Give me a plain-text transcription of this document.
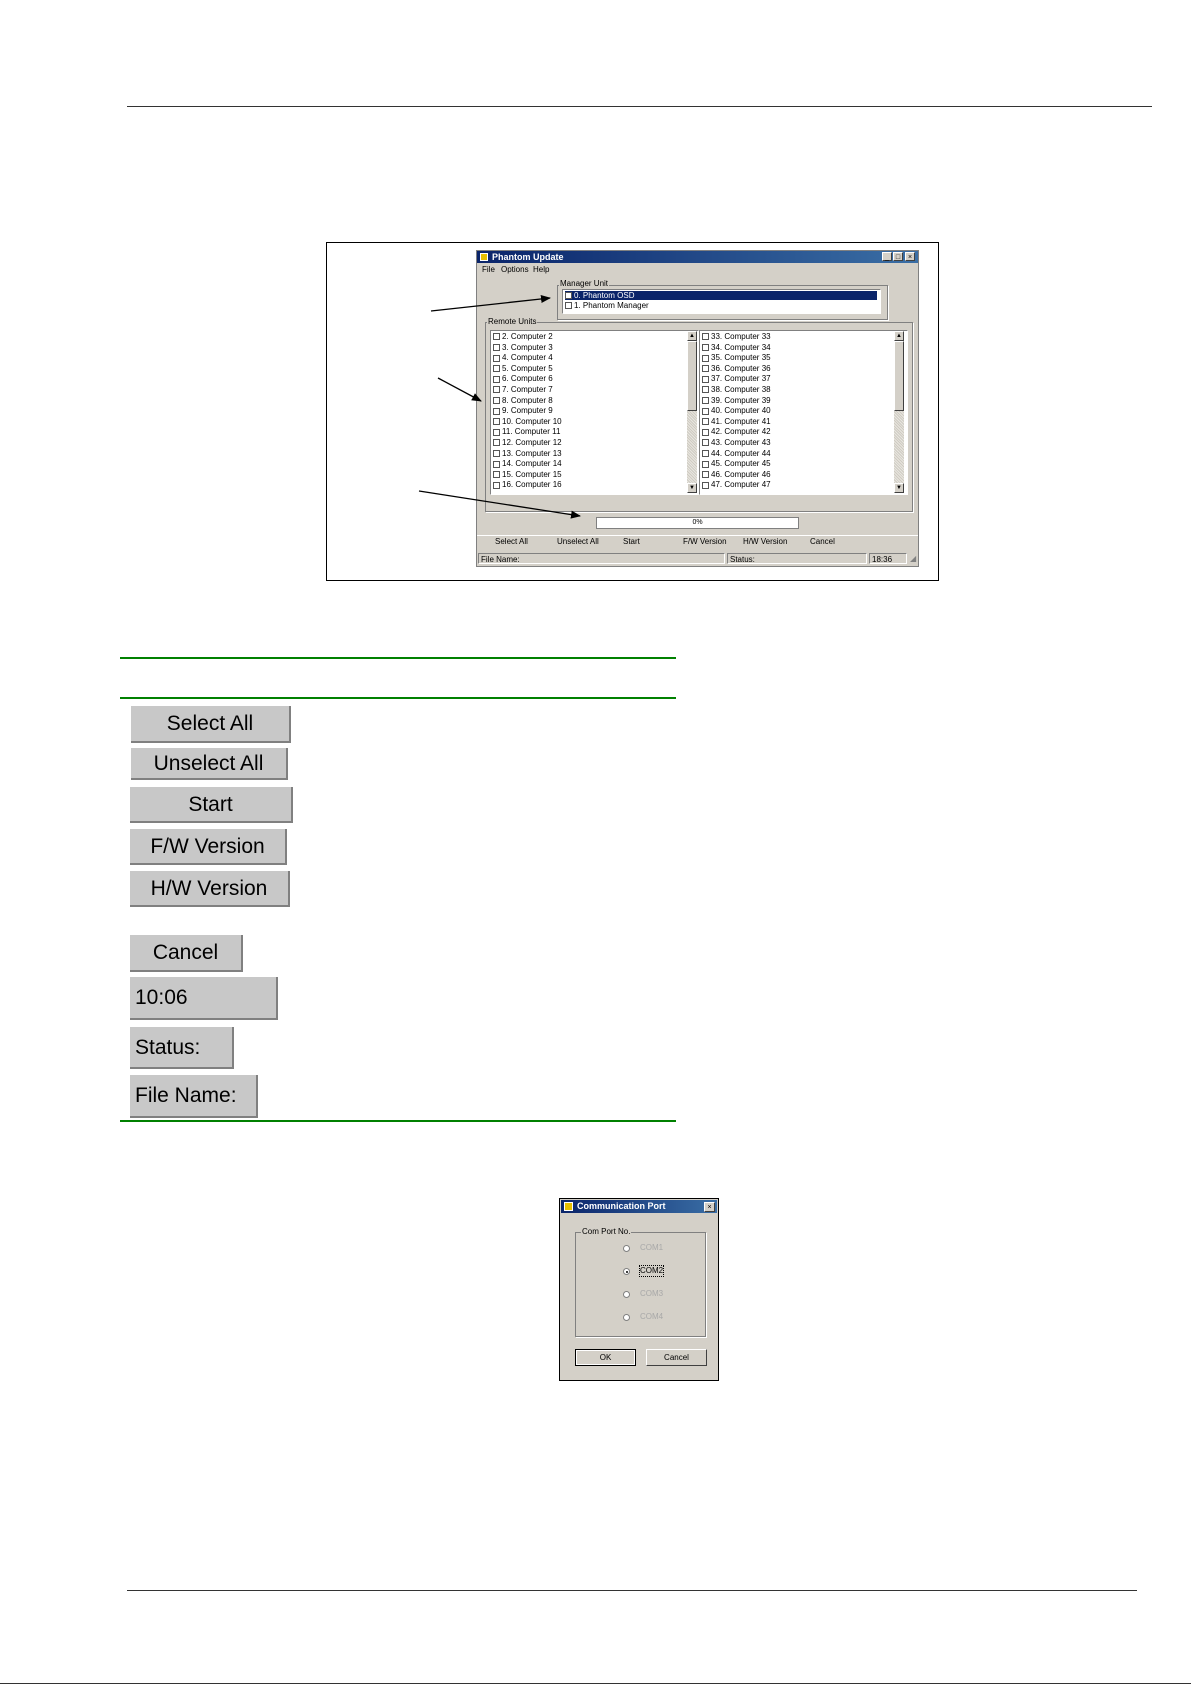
Phantom Update	_ □	×
File Options Help
Manager Unit
0. Phantom OSD
1. Phantom Manager
Remote Units
2. Computer 2
3. Computer 3
4. Computer 4
5. Computer 5
6. Computer 6
7. Computer 7
8. Computer 8
9. Computer 9
10. Computer 10
11. Computer 11
12. Computer 12
13. Computer 13
14. Computer 14
15. Computer 15
16. Computer 16
▲
▼
33. Computer 33
34. Computer 34
35. Computer 35
36. Computer 36
37. Computer 37
38. Computer 38
39. Computer 39
40. Computer 40
41. Computer 41
42. Computer 42
43. Computer 43
44. Computer 44
45. Computer 45
46. Computer 46
47. Computer 47
▲
▼
0%
Select All	Unselect All	Start	F/W Version H/W Version	Cancel
File Name:	Status:	18:36	◢
Select All
Unselect All
Start
F/W Version
H/W Version
Cancel
10:06
Status:
File Name:
Communication Port	×
Com Port No.
COM1
COM2
COM3
COM4
OK	Cancel
